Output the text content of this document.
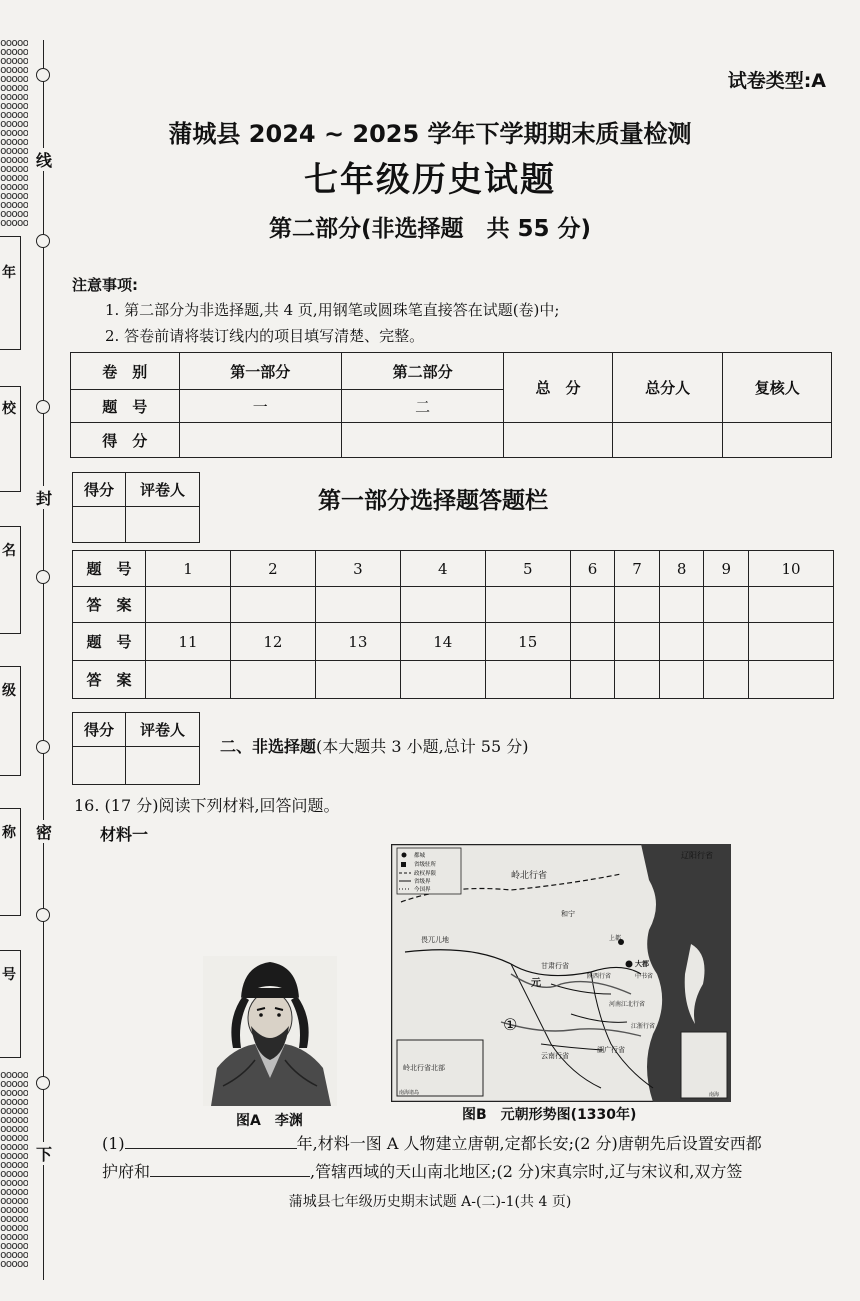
ooooo
ooooo
ooooo
ooooo
ooooo
ooooo
ooooo
ooooo
ooooo
ooooo
ooooo
ooooo
ooooo
ooooo
ooooo
ooooo
ooooo
ooooo
ooooo
ooooo
ooooo
ooooo
ooooo
ooooo
ooooo
ooooo
ooooo
ooooo
ooooo
ooooo
ooooo
ooooo
ooooo
ooooo
ooooo
ooooo
ooooo
ooooo
ooooo
ooooo
ooooo
ooooo
ooooo
线
封
密
下
年
校
名
级
称
号
试卷类型:A
蒲城县 2024 ~ 2025 学年下学期期末质量检测
七年级历史试题
第二部分(非选择题　共 55 分)
注意事项:
1. 第二部分为非选择题,共 4 页,用钢笔或圆珠笔直接答在试题(卷)中;
2. 答卷前请将装订线内的项目填写清楚、完整。
卷　别	第一部分	第二部分	总　分	总分人	复核人
题　号	一	二			
得　分					
得分	评卷人
		第一部分选择题答题栏
题　号	1	2	3	4	5	6	7	8	9	10
答　案										
题　号	11	12	13	14	15					
答　案										
得分	评卷人

二、非选择题(本大题共 3 小题,总计 55 分)
16. (17 分)阅读下列材料,回答问题。
材料一
图A　李渊
都城
省级驻所
政权界限
省级界
今国界
岭北行省
辽阳行省
和宁
畏兀儿地
甘肃行省
陕西行省
河南江北行省
江浙行省
云南行省
湖广行省
中书省
元
大都
上都
①
岭北行省北部
南海诸岛	南海
图B　元朝形势图(1330年)
(1)	年,材料一图 A 人物建立唐朝,定都长安;(2 分)唐朝先后设置安西都
护府和	,管辖西域的天山南北地区;(2 分)宋真宗时,辽与宋议和,双方签
蒲城县七年级历史期末试题 A-(二)-1(共 4 页)
